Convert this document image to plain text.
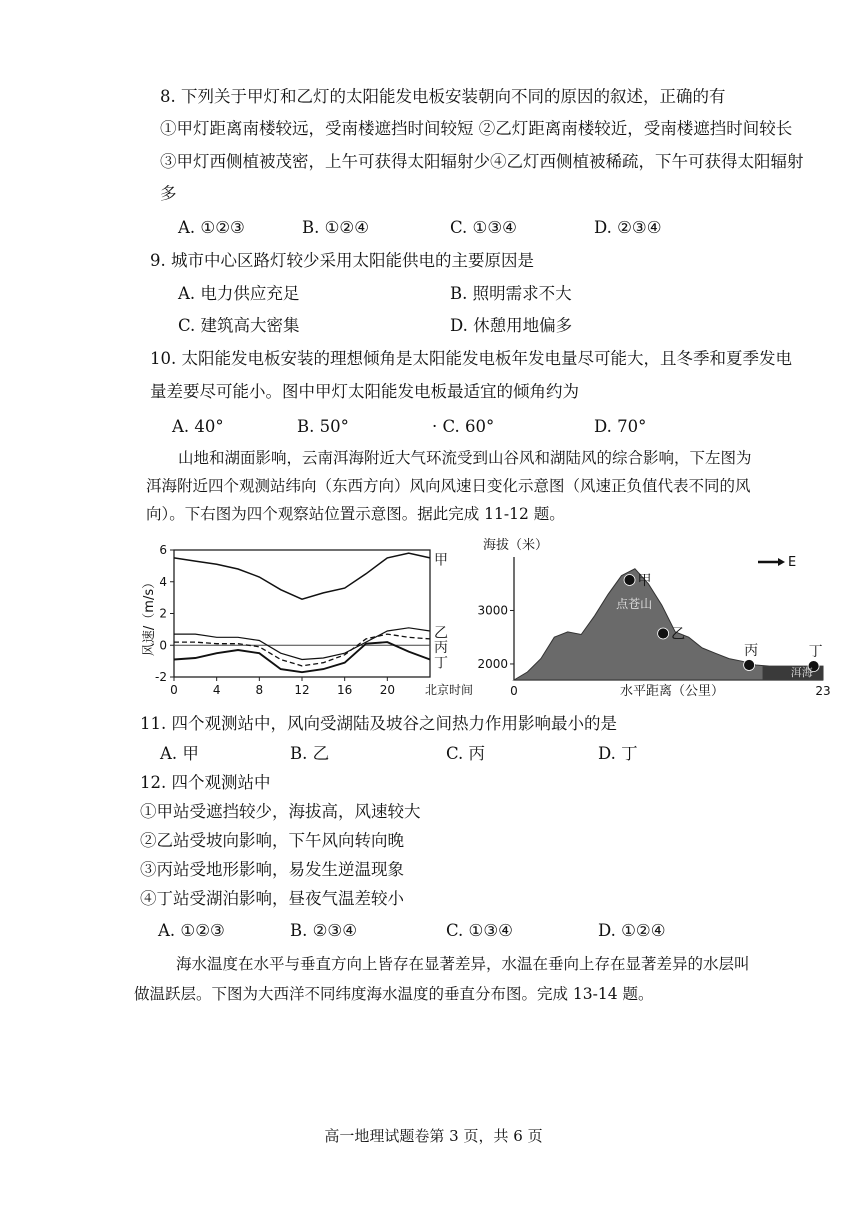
8. 下列关于甲灯和乙灯的太阳能发电板安装朝向不同的原因的叙述，正确的有
①甲灯距离南楼较远，受南楼遮挡时间较短 ②乙灯距离南楼较近，受南楼遮挡时间较长
③甲灯西侧植被茂密，上午可获得太阳辐射少④乙灯西侧植被稀疏，下午可获得太阳辐射
多
A. ①②③	B. ①②④	C. ①③④	D. ②③④
9. 城市中心区路灯较少采用太阳能供电的主要原因是
A. 电力供应充足	B. 照明需求不大
C. 建筑高大密集	D. 休憩用地偏多
10. 太阳能发电板安装的理想倾角是太阳能发电板年发电量尽可能大，且冬季和夏季发电
量差要尽可能小。图中甲灯太阳能发电板最适宜的倾角约为
A. 40°	B. 50°	· C. 60°	D. 70°
山地和湖面影响，云南洱海附近大气环流受到山谷风和湖陆风的综合影响，下左图为
洱海附近四个观测站纬向（东西方向）风向风速日变化示意图（风速正负值代表不同的风
向）。下右图为四个观察站位置示意图。据此完成 11-12 题。
-2
0
2
4
6
0	4	8	12 16 20
甲
乙
丙
丁
风速/（m/s）
北京时间
海拔（米）
2000
3000
0	23
甲
乙
丙	丁
点苍山
洱海
E
水平距离（公里）
11. 四个观测站中，风向受湖陆及坡谷之间热力作用影响最小的是
A. 甲	B. 乙	C. 丙	D. 丁
12. 四个观测站中
①甲站受遮挡较少，海拔高，风速较大
②乙站受坡向影响，下午风向转向晚
③丙站受地形影响，易发生逆温现象
④丁站受湖泊影响，昼夜气温差较小
A. ①②③	B. ②③④	C. ①③④	D. ①②④
海水温度在水平与垂直方向上皆存在显著差异，水温在垂向上存在显著差异的水层叫
做温跃层。下图为大西洋不同纬度海水温度的垂直分布图。完成 13-14 题。
高一地理试题卷第 3 页，共 6 页
